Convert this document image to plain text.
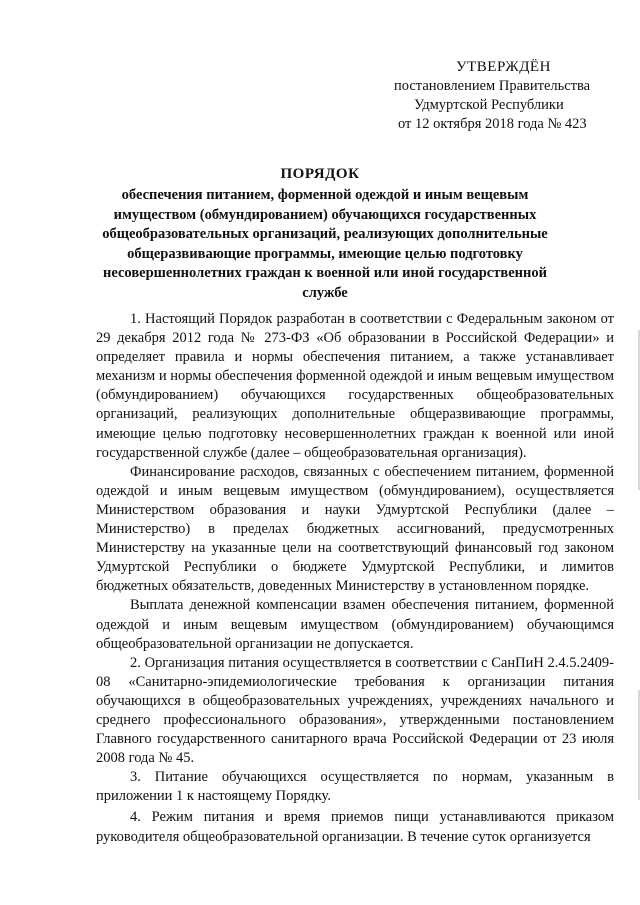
УТВЕРЖДЁН
постановлением Правительства
Удмуртской Республики
от 12 октября 2018 года № 423
ПОРЯДОК
обеспечения питанием, форменной одеждой и иным вещевым имуществом (обмундированием) обучающихся государственных общеобразовательных организаций, реализующих дополнительные общеразвивающие программы, имеющие целью подготовку несовершеннолетних граждан к военной или иной государственной службе

1. Настоящий Порядок разработан в соответствии с Федеральным законом от 29 декабря 2012 года № 273-ФЗ «Об образовании в Российской Федерации» и определяет правила и нормы обеспечения питанием, а также устанавливает механизм и нормы обеспечения форменной одеждой и иным вещевым имуществом (обмундированием) обучающихся государственных общеобразовательных организаций, реализующих дополнительные общеразвивающие программы, имеющие целью подготовку несовершеннолетних граждан к военной или иной государственной службе (далее – общеобразовательная организация).

Финансирование расходов, связанных с обеспечением питанием, форменной одеждой и иным вещевым имуществом (обмундированием), осуществляется Министерством образования и науки Удмуртской Республики (далее – Министерство) в пределах бюджетных ассигнований, предусмотренных Министерству на указанные цели на соответствующий финансовый год законом Удмуртской Республики о бюджете Удмуртской Республики, и лимитов бюджетных обязательств, доведенных Министерству в установленном порядке.

Выплата денежной компенсации взамен обеспечения питанием, форменной одеждой и иным вещевым имуществом (обмундированием) обучающимся общеобразовательной организации не допускается.

2. Организация питания осуществляется в соответствии с СанПиН 2.4.5.2409-08 «Санитарно-эпидемиологические требования к организации питания обучающихся в общеобразовательных учреждениях, учреждениях начального и среднего профессионального образования», утвержденными постановлением Главного государственного санитарного врача Российской Федерации от 23 июля 2008 года № 45.

3. Питание обучающихся осуществляется по нормам, указанным в приложении 1 к настоящему Порядку.

4. Режим питания и время приемов пищи устанавливаются приказом руководителя общеобразовательной организации. В течение суток организуется
